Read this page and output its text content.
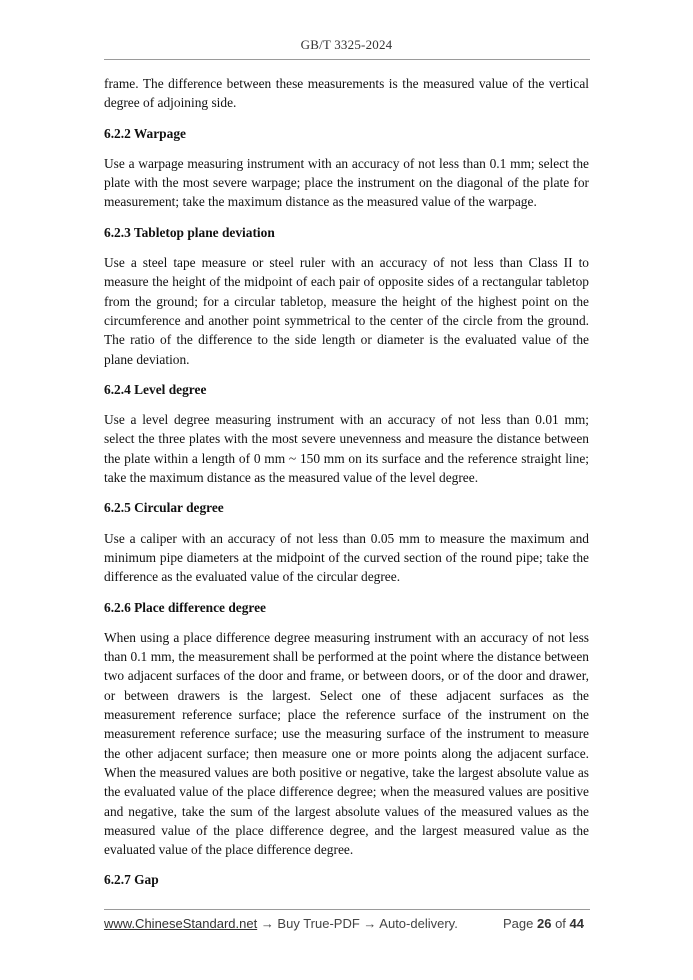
GB/T 3325-2024

frame. The difference between these measurements is the measured value of the vertical degree of adjoining side.

6.2.2 Warpage

Use a warpage measuring instrument with an accuracy of not less than 0.1 mm; select the plate with the most severe warpage; place the instrument on the diagonal of the plate for measurement; take the maximum distance as the measured value of the warpage.

6.2.3 Tabletop plane deviation

Use a steel tape measure or steel ruler with an accuracy of not less than Class II to measure the height of the midpoint of each pair of opposite sides of a rectangular tabletop from the ground; for a circular tabletop, measure the height of the highest point on the circumference and another point symmetrical to the center of the circle from the ground. The ratio of the difference to the side length or diameter is the evaluated value of the plane deviation.

6.2.4 Level degree

Use a level degree measuring instrument with an accuracy of not less than 0.01 mm; select the three plates with the most severe unevenness and measure the distance between the plate within a length of 0 mm ~ 150 mm on its surface and the reference straight line; take the maximum distance as the measured value of the level degree.

6.2.5 Circular degree

Use a caliper with an accuracy of not less than 0.05 mm to measure the maximum and minimum pipe diameters at the midpoint of the curved section of the round pipe; take the difference as the evaluated value of the circular degree.

6.2.6 Place difference degree

When using a place difference degree measuring instrument with an accuracy of not less than 0.1 mm, the measurement shall be performed at the point where the distance between two adjacent surfaces of the door and frame, or between doors, or of the door and drawer, or between drawers is the largest. Select one of these adjacent surfaces as the measurement reference surface; place the reference surface of the instrument on the measurement reference surface; use the measuring surface of the instrument to measure the other adjacent surface; then measure one or more points along the adjacent surface. When the measured values are both positive or negative, take the largest absolute value as the evaluated value of the place difference degree; when the measured values are positive and negative, take the sum of the largest absolute values of the measured values as the measured value of the place difference degree, and the largest measured value as the evaluated value of the place difference degree.

6.2.7 Gap
www.ChineseStandard.net → Buy True-PDF → Auto-delivery.	Page 26 of 44
